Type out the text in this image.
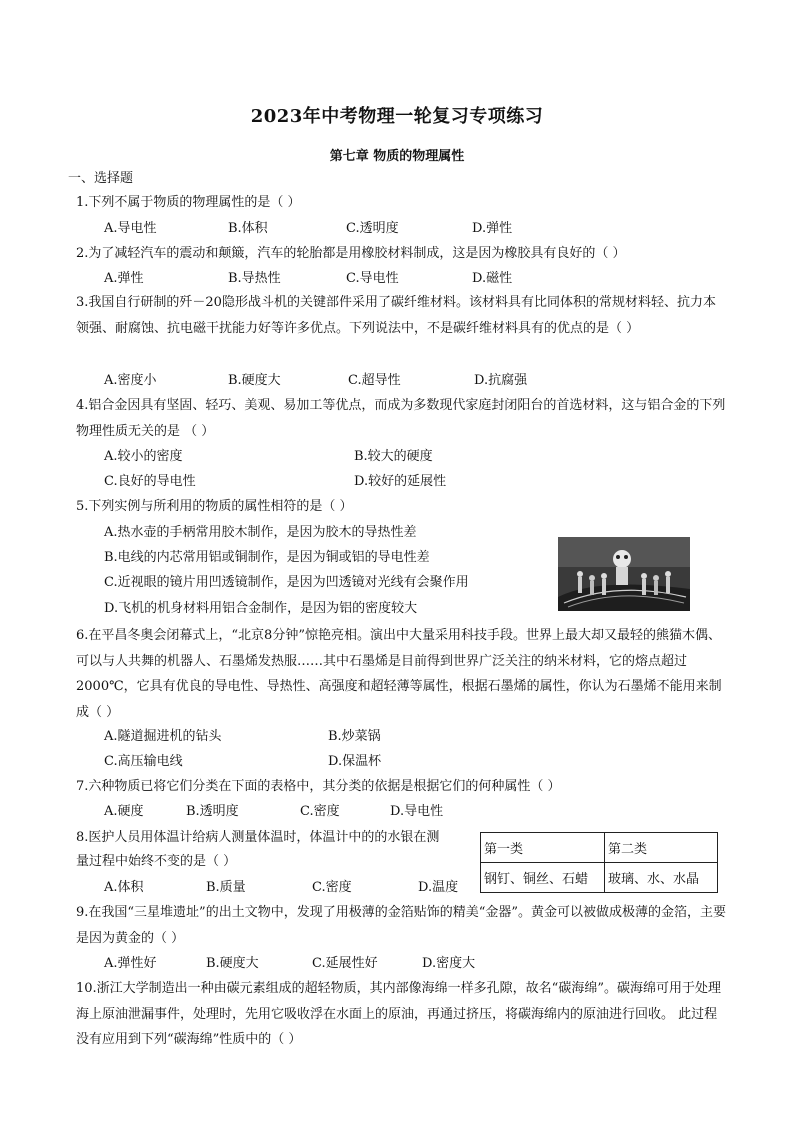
2023年中考物理一轮复习专项练习
第七章 物质的物理属性
一、选择题
1.下列不属于物质的物理属性的是（ ）
A.导电性	B.体积	C.透明度	D.弹性
2.为了减轻汽车的震动和颠簸，汽车的轮胎都是用橡胶材料制成，这是因为橡胶具有良好的（ ）
A.弹性	B.导热性	C.导电性	D.磁性
3.我国自行研制的歼－20隐形战斗机的关键部件采用了碳纤维材料。该材料具有比同体积的常规材料轻、抗力本领强、耐腐蚀、抗电磁干扰能力好等许多优点。下列说法中，不是碳纤维材料具有的优点的是（ ）
A.密度小	B.硬度大	C.超导性	D.抗腐强
4.铝合金因具有坚固、轻巧、美观、易加工等优点，而成为多数现代家庭封闭阳台的首选材料，这与铝合金的下列物理性质无关的是 （ ）
A.较小的密度	B.较大的硬度
C.良好的导电性	D.较好的延展性
5.下列实例与所利用的物质的属性相符的是（ ）
A.热水壶的手柄常用胶木制作，是因为胶木的导热性差
B.电线的内芯常用铝或铜制作，是因为铜或铝的导电性差
C.近视眼的镜片用凹透镜制作，是因为凹透镜对光线有会聚作用
D.飞机的机身材料用铝合金制作，是因为铝的密度较大
6.在平昌冬奥会闭幕式上，“北京8分钟”惊艳亮相。演出中大量采用科技手段。世界上最大却又最轻的熊猫木偶、可以与人共舞的机器人、石墨烯发热服……其中石墨烯是目前得到世界广泛关注的纳米材料，它的熔点超过2000℃，它具有优良的导电性、导热性、高强度和超轻薄等属性，根据石墨烯的属性，你认为石墨烯不能用来制成（ ）
A.隧道掘进机的钻头	B.炒菜锅
C.高压输电线	D.保温杯
7.六种物质已将它们分类在下面的表格中，其分类的依据是根据它们的何种属性（ ）
A.硬度	B.透明度	C.密度	D.导电性
8.医护人员用体温计给病人测量体温时，体温计中的的水银在测
量过程中始终不变的是（ ）
A.体积	B.质量	C.密度	D.温度
第一类	第二类
钢钉、铜丝、石蜡	玻璃、水、水晶
9.在我国“三星堆遗址”的出土文物中，发现了用极薄的金箔贴饰的精美“金器”。黄金可以被做成极薄的金箔，主要是因为黄金的（ ）
A.弹性好	B.硬度大	C.延展性好	D.密度大
10.浙江大学制造出一种由碳元素组成的超轻物质，其内部像海绵一样多孔隙，故名“碳海绵”。碳海绵可用于处理海上原油泄漏事件，处理时，先用它吸收浮在水面上的原油，再通过挤压，将碳海绵内的原油进行回收。 此过程没有应用到下列“碳海绵”性质中的（ ）
